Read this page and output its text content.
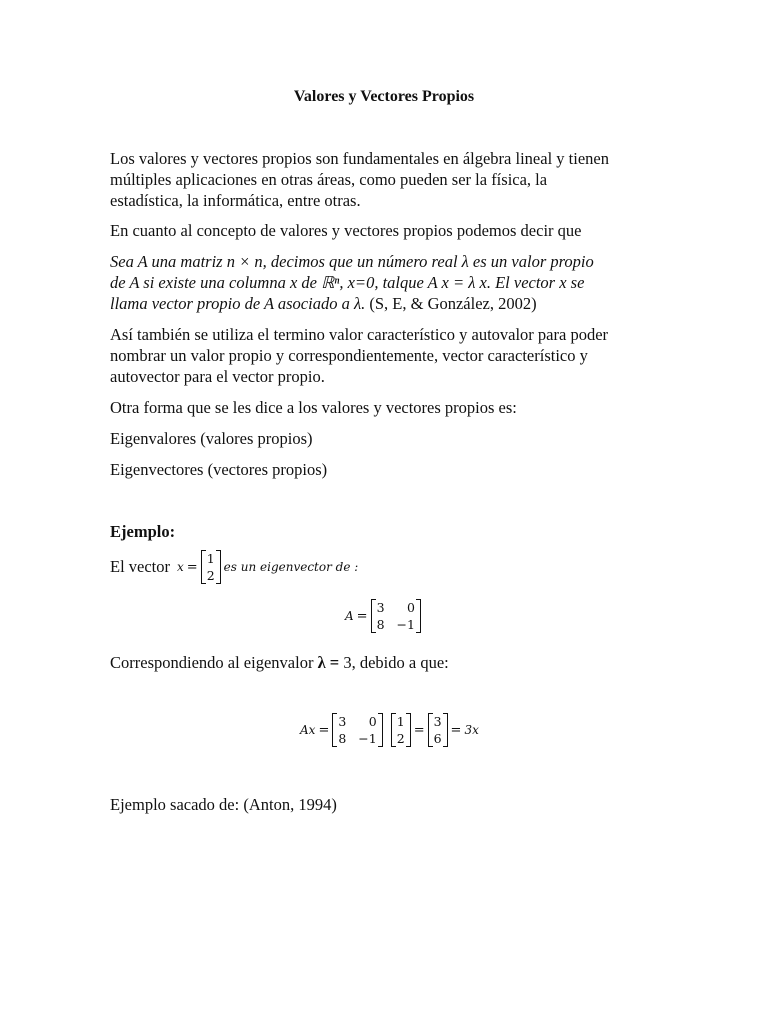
Valores y Vectores Propios

Los valores y vectores propios son fundamentales en álgebra lineal y tienen
múltiples aplicaciones en otras áreas, como pueden ser la física, la
estadística, la informática, entre otras.

En cuanto al concepto de valores y vectores propios podemos decir que

Sea A una matriz n × n, decimos que un número real λ es un valor propio
de A si existe una columna x de ℝⁿ, x=0, talque A x = λ x. El vector x se
llama vector propio de A asociado a λ. (S, E, & González, 2002)

Así también se utiliza el termino valor característico y autovalor para poder
nombrar un valor propio y correspondientemente, vector característico y
autovector para el vector propio.

Otra forma que se les dice a los valores y vectores propios es:

Eigenvalores (valores propios)

Eigenvectores (vectores propios)

Ejemplo:

El vector x =
1
2
es un eigenvector de :
A =
3	0
8 −1

Correspondiendo al eigenvalor λ = 3, debido a que:

Ax =
3	0
8 −1
1
2
=
3
6
= 3x

Ejemplo sacado de: (Anton, 1994)
